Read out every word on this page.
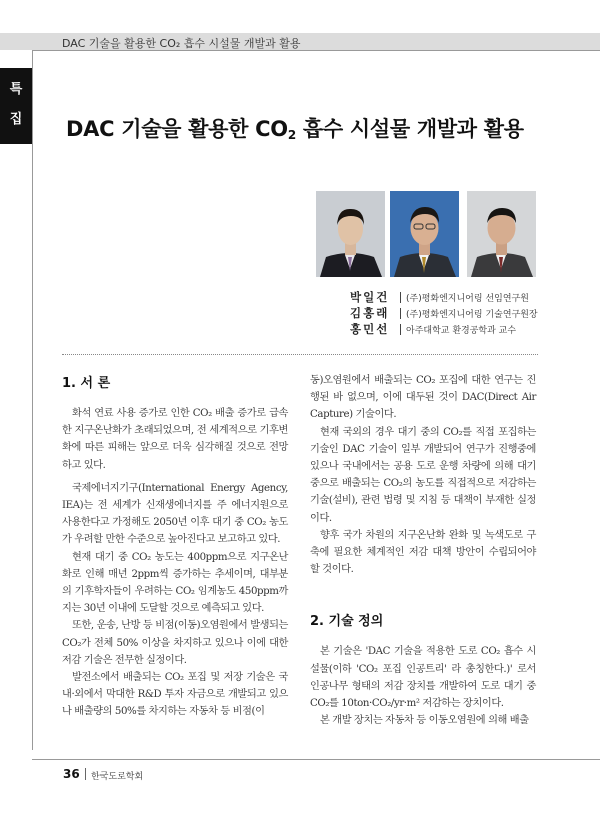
DAC 기술을 활용한 CO₂ 흡수 시설물 개발과 활용
특
집 DAC 기술을 활용한 $CO_2$ 흡수 시설물 개발과 활용
박일건	(주)평화엔지니어링 선임연구원
김홍래	(주)평화엔지니어링 기술연구원장
홍민선	아주대학교 환경공학과 교수
1. 서 론

화석 연료 사용 증가로 인한 CO₂ 배출 증가로 급속한 지구온난화가 초래되었으며, 전 세계적으로 기후변화에 따른 피해는 앞으로 더욱 심각해질 것으로 전망하고 있다.

국제에너지기구(International Energy Agency, IEA)는 전 세계가 신재생에너지를 주 에너지원으로 사용한다고 가정해도 2050년 이후 대기 중 CO₂ 농도가 우려할 만한 수준으로 높아진다고 보고하고 있다.

현재 대기 중 CO₂ 농도는 400ppm으로 지구온난화로 인해 매년 2ppm씩 증가하는 추세이며, 대부분의 기후학자들이 우려하는 CO₂ 임계농도 450ppm까지는 30년 이내에 도달할 것으로 예측되고 있다.

또한, 운송, 난방 등 비점(이동)오염원에서 발생되는 CO₂가 전체 50% 이상을 차지하고 있으나 이에 대한 저감 기술은 전무한 실정이다.

발전소에서 배출되는 CO₂ 포집 및 저장 기술은 국내·외에서 막대한 R&D 투자 자금으로 개발되고 있으나 배출량의 50%를 차지하는 자동차 등 비점(이

동)오염원에서 배출되는 CO₂ 포집에 대한 연구는 진행된 바 없으며, 이에 대두된 것이 DAC(Direct Air Capture) 기술이다.

현재 국외의 경우 대기 중의 CO₂를 직접 포집하는 기술인 DAC 기술이 일부 개발되어 연구가 진행중에 있으나 국내에서는 공용 도로 운행 차량에 의해 대기 중으로 배출되는 CO₂의 농도를 직접적으로 저감하는 기술(설비), 관련 법령 및 지침 등 대책이 부재한 실정이다.

향후 국가 차원의 지구온난화 완화 및 녹색도로 구축에 필요한 체계적인 저감 대책 방안이 수립되어야 할 것이다.

2. 기술 정의

본 기술은 'DAC 기술을 적용한 도로 CO₂ 흡수 시설물(이하 'CO₂ 포집 인공트리' 라 총칭한다.)' 로서 인공나무 형태의 저감 장치를 개발하여 도로 대기 중 CO₂를 10ton·CO₂/yr·m² 저감하는 장치이다.

본 개발 장치는 자동차 등 이동오염원에 의해 배출

36 한국도로학회
